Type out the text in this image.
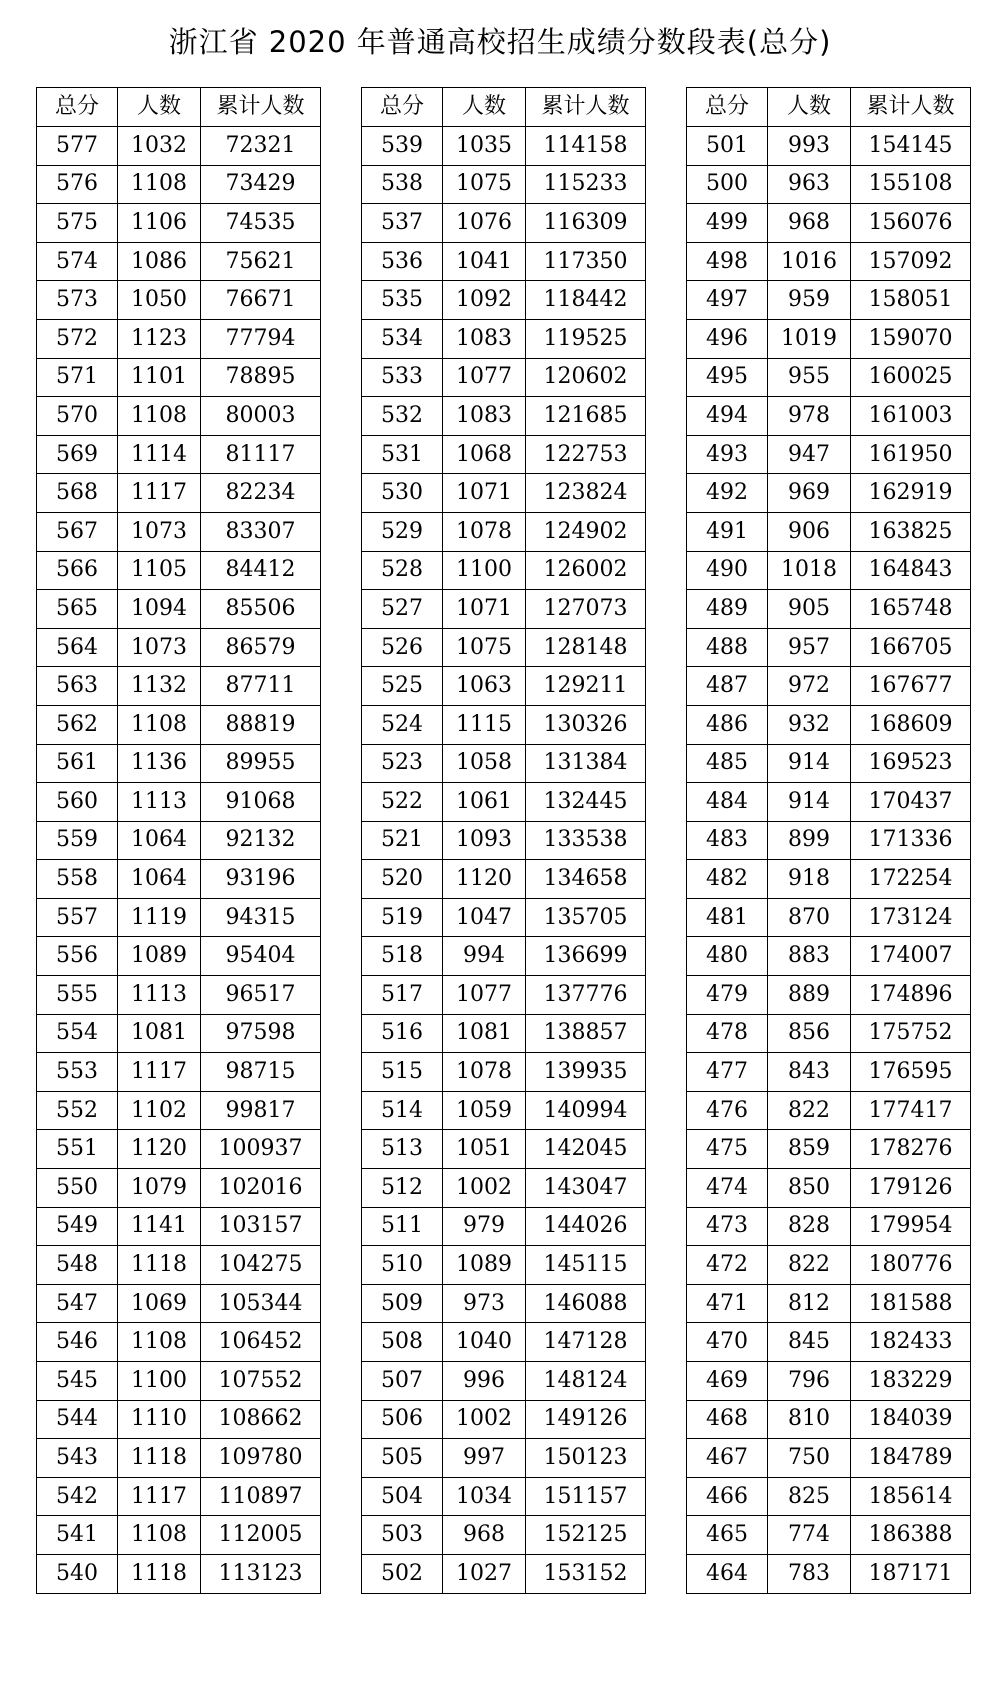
浙江省 2020 年普通高校招生成绩分数段表(总分)
总分	人数	累计人数
577	1032	72321
576	1108	73429
575	1106	74535
574	1086	75621
573	1050	76671
572	1123	77794
571	1101	78895
570	1108	80003
569	1114	81117
568	1117	82234
567	1073	83307
566	1105	84412
565	1094	85506
564	1073	86579
563	1132	87711
562	1108	88819
561	1136	89955
560	1113	91068
559	1064	92132
558	1064	93196
557	1119	94315
556	1089	95404
555	1113	96517
554	1081	97598
553	1117	98715
552	1102	99817
551	1120	100937
550	1079	102016
549	1141	103157
548	1118	104275
547	1069	105344
546	1108	106452
545	1100	107552
544	1110	108662
543	1118	109780
542	1117	110897
541	1108	112005
540	1118	113123
总分	人数	累计人数
539	1035	114158
538	1075	115233
537	1076	116309
536	1041	117350
535	1092	118442
534	1083	119525
533	1077	120602
532	1083	121685
531	1068	122753
530	1071	123824
529	1078	124902
528	1100	126002
527	1071	127073
526	1075	128148
525	1063	129211
524	1115	130326
523	1058	131384
522	1061	132445
521	1093	133538
520	1120	134658
519	1047	135705
518	994	136699
517	1077	137776
516	1081	138857
515	1078	139935
514	1059	140994
513	1051	142045
512	1002	143047
511	979	144026
510	1089	145115
509	973	146088
508	1040	147128
507	996	148124
506	1002	149126
505	997	150123
504	1034	151157
503	968	152125
502	1027	153152
总分	人数	累计人数
501	993	154145
500	963	155108
499	968	156076
498	1016	157092
497	959	158051
496	1019	159070
495	955	160025
494	978	161003
493	947	161950
492	969	162919
491	906	163825
490	1018	164843
489	905	165748
488	957	166705
487	972	167677
486	932	168609
485	914	169523
484	914	170437
483	899	171336
482	918	172254
481	870	173124
480	883	174007
479	889	174896
478	856	175752
477	843	176595
476	822	177417
475	859	178276
474	850	179126
473	828	179954
472	822	180776
471	812	181588
470	845	182433
469	796	183229
468	810	184039
467	750	184789
466	825	185614
465	774	186388
464	783	187171
